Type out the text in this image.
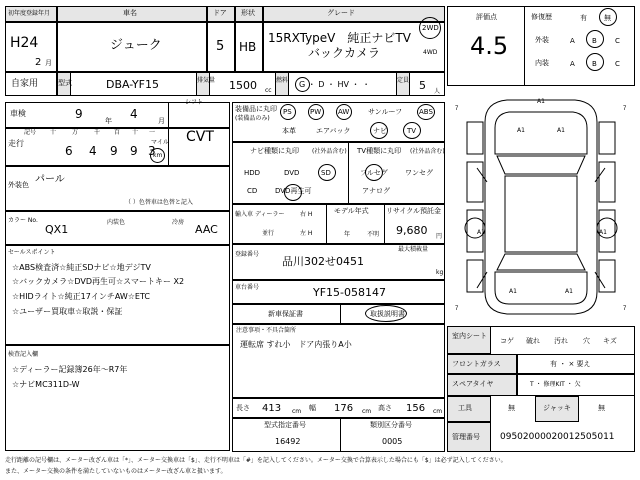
初年度登録年月
H24
2 月
車名
ジューク
ドア
5
形状
HB
グレード
15RXTypeV　純正ナビTV
バックカメラ
2WD
4WD
自家用	型式	DBA-YF15	排気量 1500 cc
燃料 G ・ D ・ HV ・ ・	定員 5 人
車検	9	年 4	月
シフト
走行
記号 十	万	千 百 十 一
6 4 9 9 3
マイル
km
CVT
外装色 パール
（ ）色替車は色替と記入
カラー No.
QX1
内装色	冷房
AAC
セールスポイント
☆ABS検査済☆純正SDナビ☆地デジTV
☆バックカメラ☆DVD再生可☆スマートキー X2
☆HIDライト☆純正17インチAW☆ETC
☆ユーザー買取車☆取説・保証
検査記入欄
☆ディーラー記録簿26年～R7年
☆ナビMC311D-W
装備品に丸印
(装備品のみ)
PS	PW AW	サンルーフ ABS
本革	エアバック	ナビ	TV
ナビ種類に丸印 (社外品含む)
HDD	DVD	SD
CD	DVD再生可
TV種類に丸印 (社外品含む)
フルセグ ワンセグ
アナログ
輸入車 ディーラー
並行
右 H
左 H
モデル年式
年	不明
リサイクル預託金
9,680 円
登録番号
品川302せ0451
最大積載量
kg
車台番号	YF15-058147
新車保証書	取扱説明書
注意事項・不具合箇所
運転席 すれ小　ドア内張りA小
長さ 413 cm 幅 176 cm 高さ 156 cm
型式指定番号
16492
類別区分番号
0005
評価点
4.5
修復歴	有 無
外装	A B	C
内装	A B	C
7	7
7	7
A1
A1	A1
A1	A1
A1	A1
室内シート
コゲ 破れ 汚れ 穴 キズ
フロントガラス	有 ・ × 要え
スペアタイヤ	T ・ 修理KIT ・ 欠
工具	無	ジャッキ	無
管理番号 09502000020012505011
走行距離の記号欄は、メーター改ざん車は「*」、メーター交換車は「$」、走行不明車は「#」を記入してください。メーター交換で合算表示した場合にも「$」は必ず記入してください。
また、メーター交換の条件を満たしていないものはメーター改ざん車と扱います。
